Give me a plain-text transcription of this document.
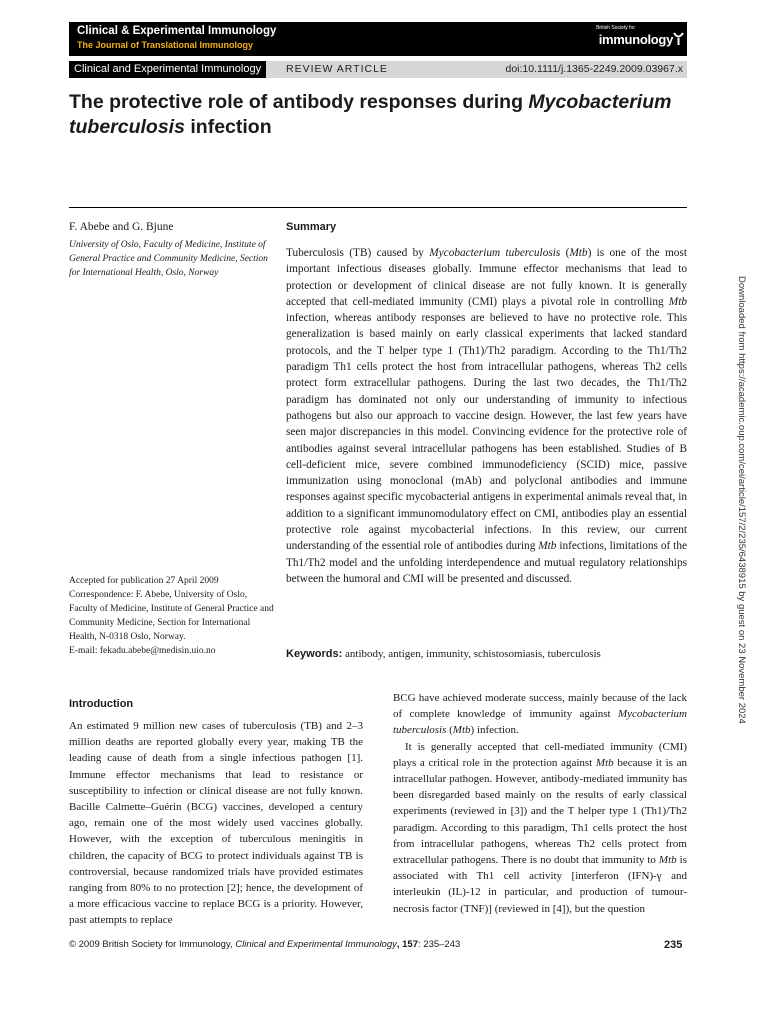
Clinical & Experimental Immunology
The Journal of Translational Immunology
British Society for
immunology
Clinical and Experimental Immunology	REVIEW ARTICLE	doi:10.1111/j.1365-2249.2009.03967.x
The protective role of antibody responses during Mycobacterium tuberculosis infection
F. Abebe and G. Bjune
University of Oslo, Faculty of Medicine, Institute of General Practice and Community Medicine, Section for International Health, Oslo, Norway
Summary
Tuberculosis (TB) caused by Mycobacterium tuberculosis (Mtb) is one of the most important infectious diseases globally. Immune effector mechanisms that lead to protection or development of clinical disease are not fully known. It is generally accepted that cell-mediated immunity (CMI) plays a pivotal role in controlling Mtb infection, whereas antibody responses are believed to have no protective role. This generalization is based mainly on early classical experiments that lacked standard protocols, and the T helper type 1 (Th1)/Th2 paradigm. According to the Th1/Th2 paradigm Th1 cells protect the host from intracellular pathogens, whereas Th2 cells protect form extracellular pathogens. During the last two decades, the Th1/Th2 paradigm has dominated not only our understanding of immunity to infectious pathogens but also our approach to vaccine design. However, the last few years have seen major discrepancies in this model. Convincing evidence for the protective role of antibodies against several intracellular pathogens has been established. Studies of B cell-deficient mice, severe combined immunodeficiency (SCID) mice, passive immunization using monoclonal (mAb) and polyclonal antibodies and immune responses against specific mycobacterial antigens in experimental animals reveal that, in addition to a significant immunomodulatory effect on CMI, antibodies play an essential protective role against mycobacterial infections. In this review, our current understanding of the essential role of antibodies during Mtb infections, limitations of the Th1/Th2 model and the unfolding interdependence and mutual regulatory relationships between the humoral and CMI will be presented and discussed.
Accepted for publication 27 April 2009
Correspondence: F. Abebe, University of Oslo, Faculty of Medicine, Institute of General Practice and Community Medicine, Section for International Health, N-0318 Oslo, Norway.
E-mail: fekadu.abebe@medisin.uio.no	Keywords: antibody, antigen, immunity, schistosomiasis, tuberculosis
Introduction

An estimated 9 million new cases of tuberculosis (TB) and 2–3 million deaths are reported globally every year, making TB the leading cause of death from a single infectious pathogen [1]. Immune effector mechanisms that lead to resistance or susceptibility to infection or clinical disease are not fully known. Bacille Calmette–Guérin (BCG) vaccines, developed a century ago, remain one of the most widely used vaccines globally. However, with the exception of tuberculous meningitis in children, the capacity of BCG to protect individuals against TB is controversial, because randomized trials have provided estimates ranging from 80% to no protection [2]; hence, the development of a more efficacious vaccine to replace BCG is a priority. However, past attempts to replace

BCG have achieved moderate success, mainly because of the lack of complete knowledge of immunity against Mycobacterium tuberculosis (Mtb) infection.

It is generally accepted that cell-mediated immunity (CMI) plays a critical role in the protection against Mtb because it is an intracellular pathogen. However, antibody-mediated immunity has been disregarded based mainly on the results of early classical experiments (reviewed in [3]) and the T helper type 1 (Th1)/Th2 paradigm. According to this paradigm, Th1 cells protect the host from intracellular pathogens, whereas Th2 cells protect from extracellular pathogens. There is no doubt that immunity to Mtb is associated with Th1 cell activity [interferon (IFN)-γ and interleukin (IL)-12 in particular, and production of tumour-necrosis factor (TNF)] (reviewed in [4]), but the question

© 2009 British Society for Immunology, Clinical and Experimental Immunology, 157: 235–243	235
Downloaded from https://academic.oup.com/cei/article/157/2/235/6438915 by guest on 23 November 2024
